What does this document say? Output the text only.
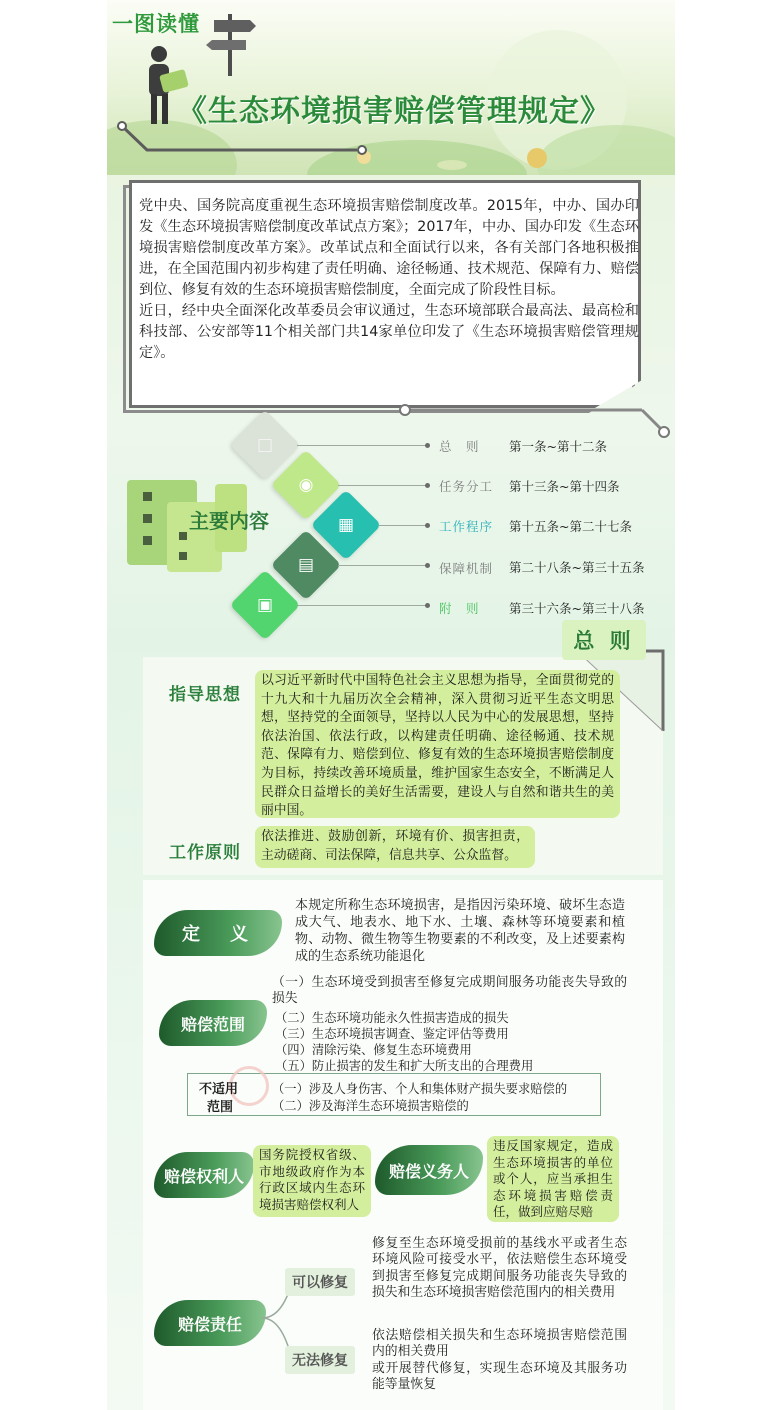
一图读懂
《生态环境损害赔偿管理规定》

党中央、国务院高度重视生态环境损害赔偿制度改革。2015年，中办、国办印发《生态环境损害赔偿制度改革试点方案》；2017年，中办、国办印发《生态环境损害赔偿制度改革方案》。改革试点和全面试行以来，各有关部门各地积极推进，在全国范围内初步构建了责任明确、途径畅通、技术规范、保障有力、赔偿到位、修复有效的生态环境损害赔偿制度，全面完成了阶段性目标。

近日，经中央全面深化改革委员会审议通过，生态环境部联合最高法、最高检和科技部、公安部等11个相关部门共14家单位印发了《生态环境损害赔偿管理规定》。

主要内容
□
◉
▦
▤
▣
总　则 第一条~第十二条
任务分工 第十三条~第十四条
工作程序 第十五条~第二十七条
保障机制 第二十八条~第三十五条
附　则 第三十六条~第三十八条
总 则
指导思想
以习近平新时代中国特色社会主义思想为指导，全面贯彻党的十九大和十九届历次全会精神，深入贯彻习近平生态文明思想，坚持党的全面领导，坚持以人民为中心的发展思想，坚持依法治国、依法行政，以构建责任明确、途径畅通、技术规范、保障有力、赔偿到位、修复有效的生态环境损害赔偿制度为目标，持续改善环境质量，维护国家生态安全，不断满足人民群众日益增长的美好生活需要，建设人与自然和谐共生的美丽中国。
工作原则
依法推进、鼓励创新，环境有价、损害担责，主动磋商、司法保障，信息共享、公众监督。
定　义
本规定所称生态环境损害，是指因污染环境、破坏生态造成大气、地表水、地下水、土壤、森林等环境要素和植物、动物、微生物等生物要素的不利改变，及上述要素构成的生态系统功能退化
赔偿范围
（一）生态环境受到损害至修复完成期间服务功能丧失导致的损失
（二）生态环境功能永久性损害造成的损失
（三）生态环境损害调查、鉴定评估等费用
（四）清除污染、修复生态环境费用
（五）防止损害的发生和扩大所支出的合理费用
不适用
范围
（一）涉及人身伤害、个人和集体财产损失要求赔偿的
（二）涉及海洋生态环境损害赔偿的
赔偿权利人
国务院授权省级、市地级政府作为本行政区域内生态环境损害赔偿权利人
赔偿义务人
违反国家规定，造成生态环境损害的单位或个人，应当承担生态环境损害赔偿责任，做到应赔尽赔
赔偿责任
可以修复
修复至生态环境受损前的基线水平或者生态环境风险可接受水平，依法赔偿生态环境受到损害至修复完成期间服务功能丧失导致的损失和生态环境损害赔偿范围内的相关费用
无法修复
依法赔偿相关损失和生态环境损害赔偿范围内的相关费用
或开展替代修复，实现生态环境及其服务功能等量恢复
